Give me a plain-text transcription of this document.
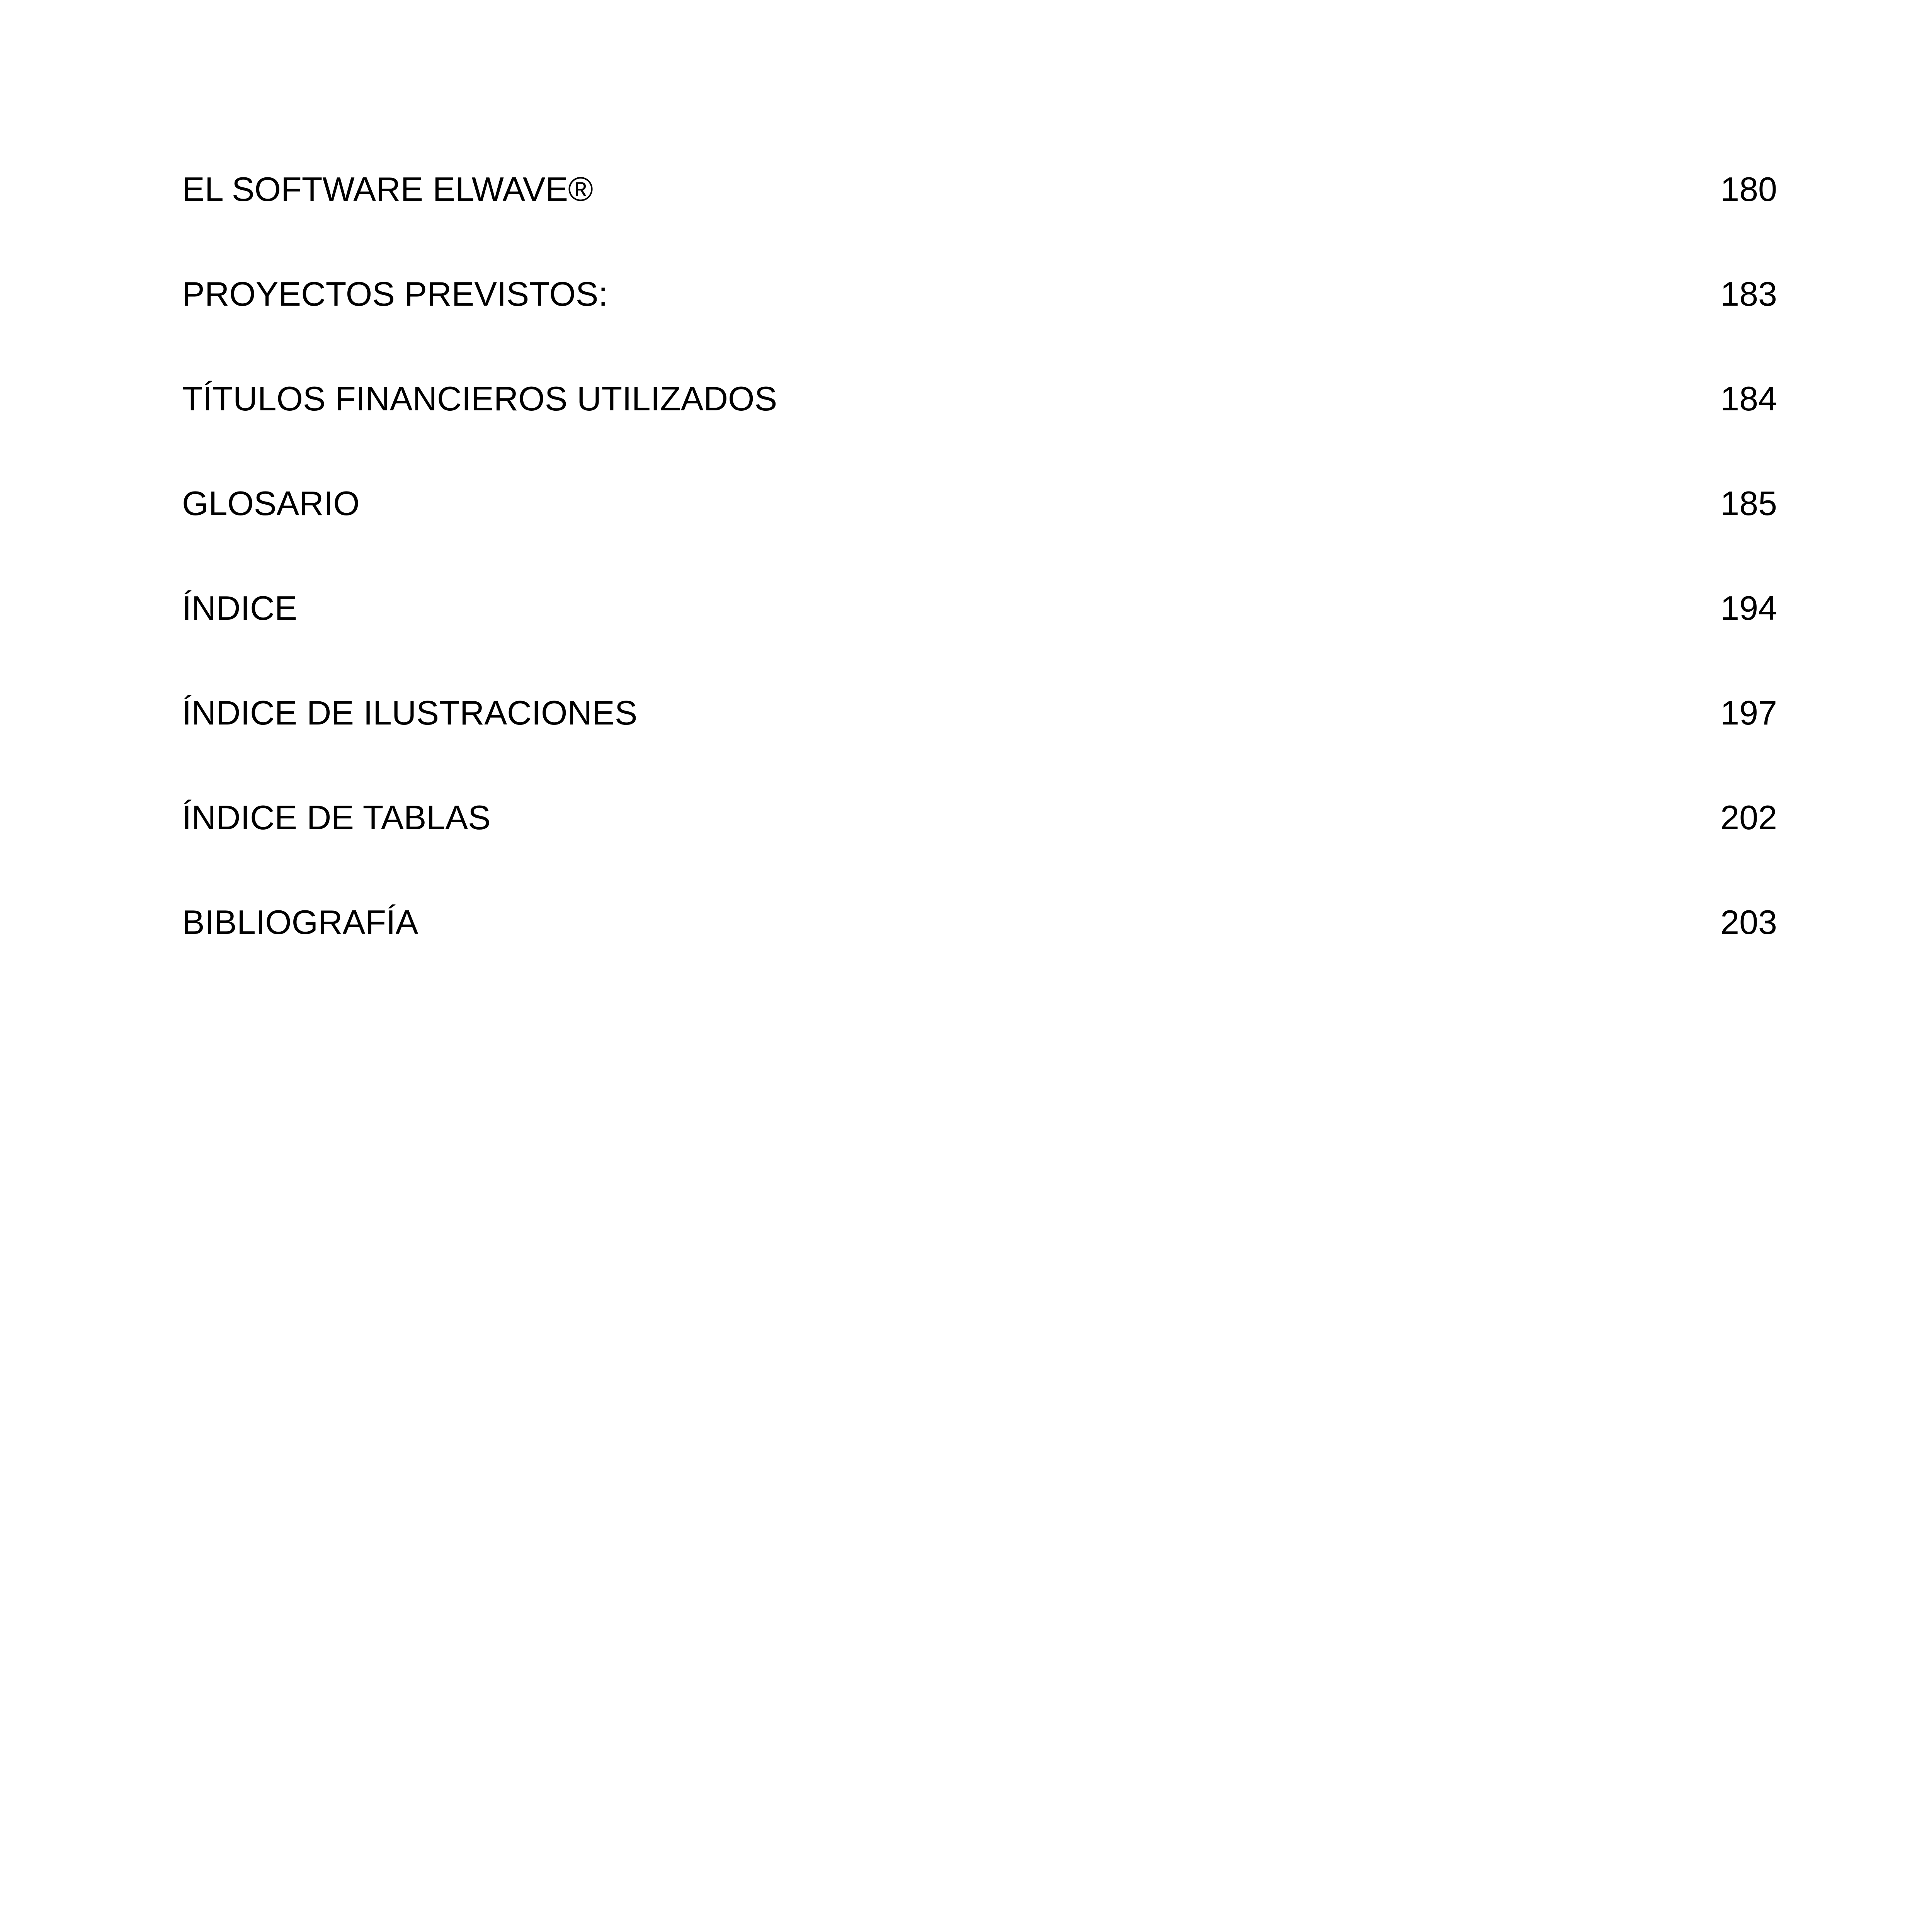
EL SOFTWARE ELWAVE®	180
PROYECTOS PREVISTOS:	183
TÍTULOS FINANCIEROS UTILIZADOS	184
GLOSARIO	185
ÍNDICE	194
ÍNDICE DE ILUSTRACIONES	197
ÍNDICE DE TABLAS	202
BIBLIOGRAFÍA	203
